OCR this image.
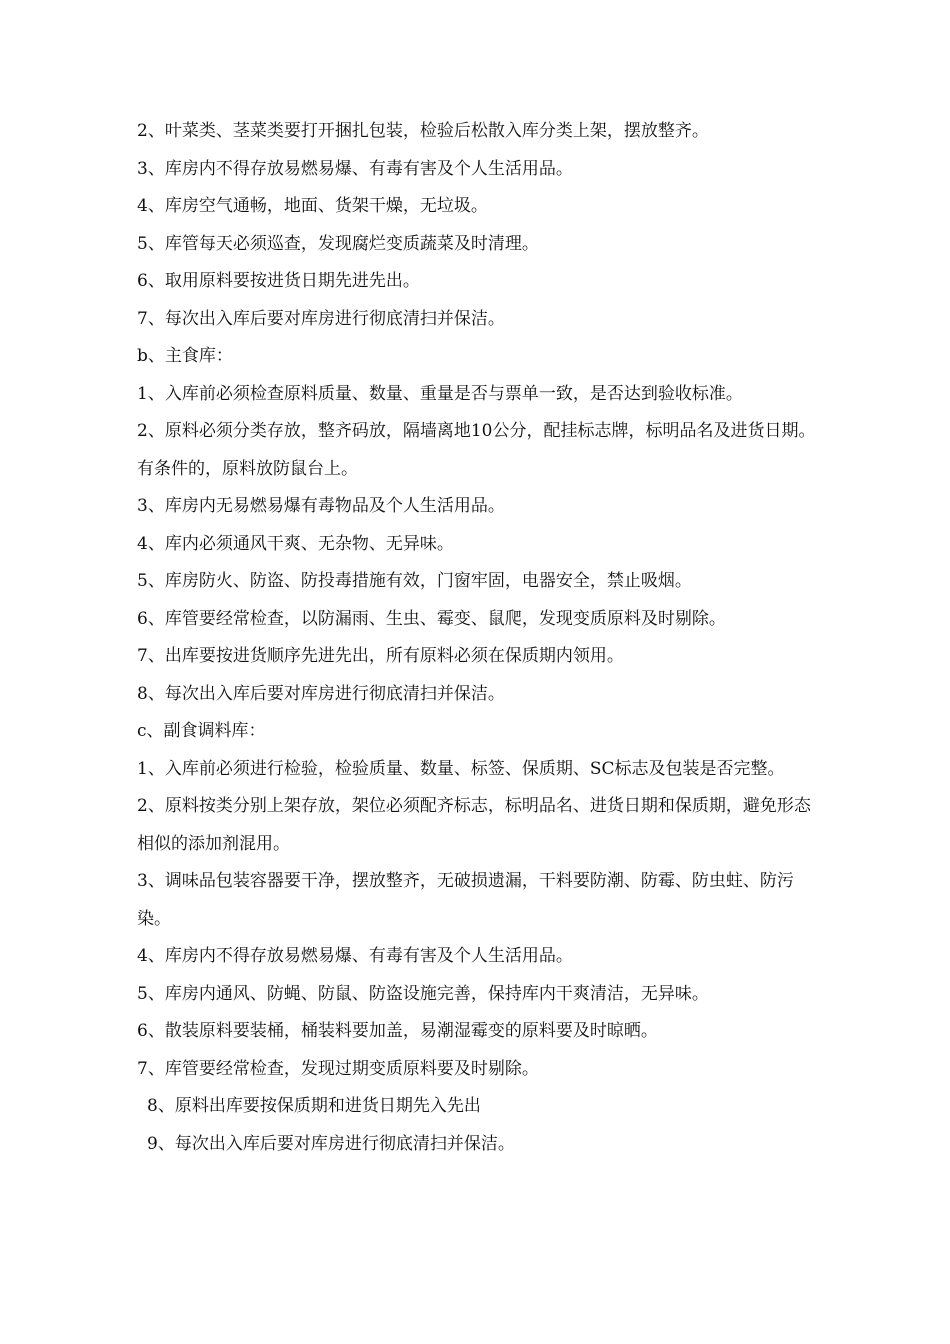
2、叶菜类、茎菜类要打开捆扎包装，检验后松散入库分类上架，摆放整齐。

3、库房内不得存放易燃易爆、有毒有害及个人生活用品。

4、库房空气通畅，地面、货架干燥，无垃圾。

5、库管每天必须巡查，发现腐烂变质蔬菜及时清理。

6、取用原料要按进货日期先进先出。

7、每次出入库后要对库房进行彻底清扫并保洁。

b、主食库：

1、入库前必须检查原料质量、数量、重量是否与票单一致，是否达到验收标准。

2、原料必须分类存放，整齐码放，隔墙离地10公分，配挂标志牌，标明品名及进货日期。有条件的，原料放防鼠台上。

3、库房内无易燃易爆有毒物品及个人生活用品。

4、库内必须通风干爽、无杂物、无异味。

5、库房防火、防盗、防投毒措施有效，门窗牢固，电器安全，禁止吸烟。

6、库管要经常检查，以防漏雨、生虫、霉变、鼠爬，发现变质原料及时剔除。

7、出库要按进货顺序先进先出，所有原料必须在保质期内领用。

8、每次出入库后要对库房进行彻底清扫并保洁。

c、副食调料库：

1、入库前必须进行检验，检验质量、数量、标签、保质期、SC标志及包装是否完整。

2、原料按类分别上架存放，架位必须配齐标志，标明品名、进货日期和保质期，避免形态相似的添加剂混用。

3、调味品包装容器要干净，摆放整齐，无破损遗漏，干料要防潮、防霉、防虫蛀、防污染。

4、库房内不得存放易燃易爆、有毒有害及个人生活用品。

5、库房内通风、防蝇、防鼠、防盗设施完善，保持库内干爽清洁，无异味。

6、散装原料要装桶，桶装料要加盖，易潮湿霉变的原料要及时晾晒。

7、库管要经常检查，发现过期变质原料要及时剔除。

8、原料出库要按保质期和进货日期先入先出

9、每次出入库后要对库房进行彻底清扫并保洁。
